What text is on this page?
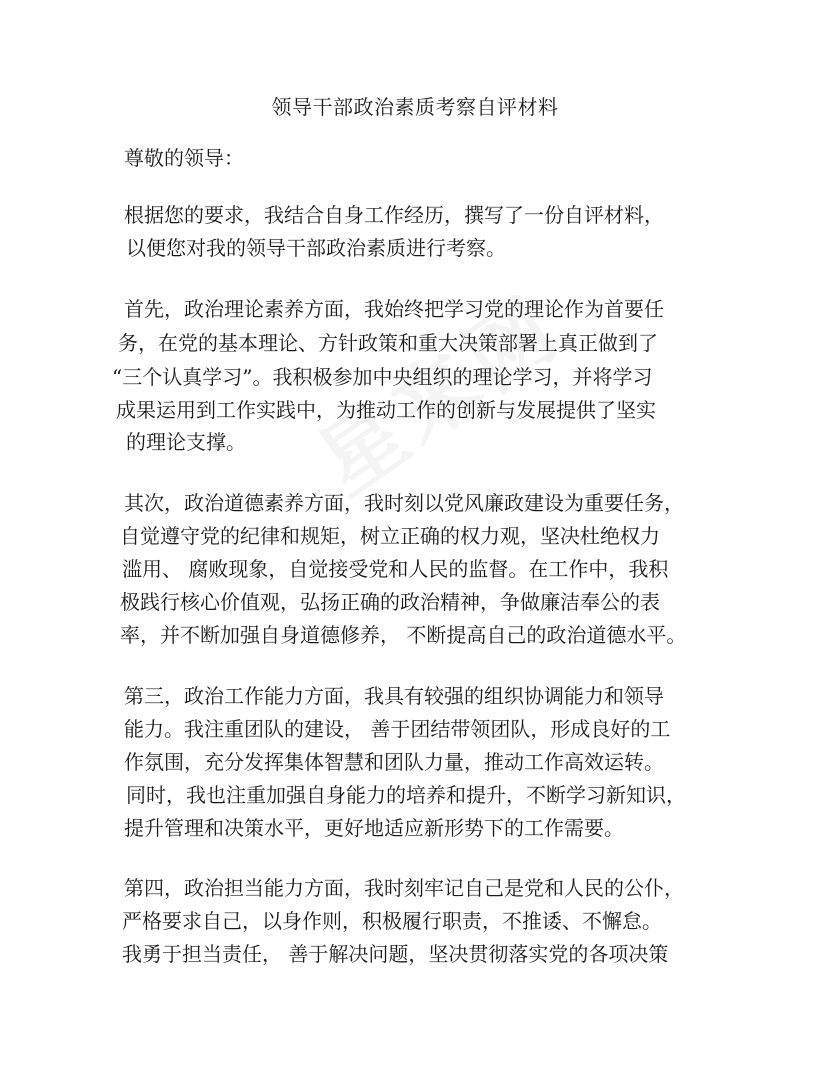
领导干部政治素质考察自评材料
尊敬的领导：
根据您的要求，我结合自身工作经历，撰写了一份自评材料，
以便您对我的领导干部政治素质进行考察。
首先，政治理论素养方面，我始终把学习党的理论作为首要任
务，在党的基本理论、方针政策和重大决策部署上真正做到了
“三个认真学习”。我积极参加中央组织的理论学习，并将学习
成果运用到工作实践中，为推动工作的创新与发展提供了坚实
的理论支撑。
其次，政治道德素养方面，我时刻以党风廉政建设为重要任务，
自觉遵守党的纪律和规矩，树立正确的权力观，坚决杜绝权力
滥用、 腐败现象，自觉接受党和人民的监督。在工作中，我积
极践行核心价值观，弘扬正确的政治精神，争做廉洁奉公的表
率，并不断加强自身道德修养， 不断提高自己的政治道德水平。
第三，政治工作能力方面，我具有较强的组织协调能力和领导
能力。我注重团队的建设， 善于团结带领团队，形成良好的工
作氛围，充分发挥集体智慧和团队力量，推动工作高效运转。
同时，我也注重加强自身能力的培养和提升，不断学习新知识，
提升管理和决策水平，更好地适应新形势下的工作需要。
第四，政治担当能力方面，我时刻牢记自己是党和人民的公仆，
严格要求自己，以身作则，积极履行职责，不推诿、不懈怠。
我勇于担当责任， 善于解决问题，坚决贯彻落实党的各项决策
